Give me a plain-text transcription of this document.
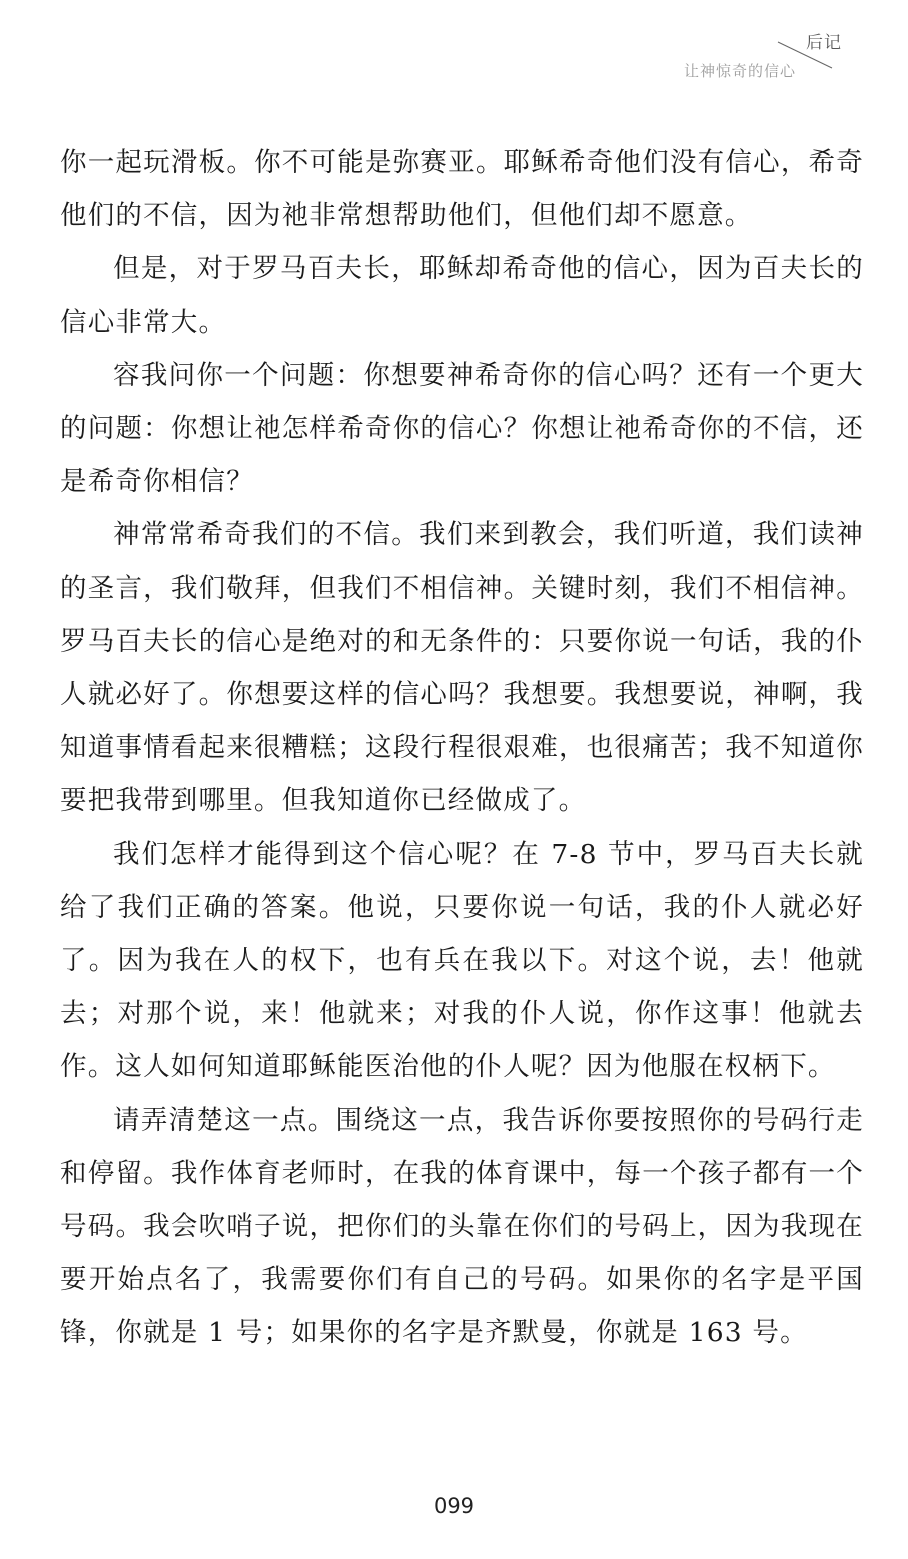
后记
让神惊奇的信心

你一起玩滑板。你不可能是弥赛亚。耶稣希奇他们没有信心，希奇他们的不信，因为祂非常想帮助他们，但他们却不愿意。

但是，对于罗马百夫长，耶稣却希奇他的信心，因为百夫长的信心非常大。

容我问你一个问题：你想要神希奇你的信心吗？还有一个更大的问题：你想让祂怎样希奇你的信心？你想让祂希奇你的不信，还是希奇你相信？

神常常希奇我们的不信。我们来到教会，我们听道，我们读神的圣言，我们敬拜，但我们不相信神。关键时刻，我们不相信神。罗马百夫长的信心是绝对的和无条件的：只要你说一句话，我的仆人就必好了。你想要这样的信心吗？我想要。我想要说，神啊，我知道事情看起来很糟糕；这段行程很艰难，也很痛苦；我不知道你要把我带到哪里。但我知道你已经做成了。

我们怎样才能得到这个信心呢？在 7-8 节中，罗马百夫长就给了我们正确的答案。他说，只要你说一句话，我的仆人就必好了。因为我在人的权下，也有兵在我以下。对这个说，去！他就去；对那个说，来！他就来；对我的仆人说，你作这事！他就去作。这人如何知道耶稣能医治他的仆人呢？因为他服在权柄下。

请弄清楚这一点。围绕这一点，我告诉你要按照你的号码行走和停留。我作体育老师时，在我的体育课中，每一个孩子都有一个号码。我会吹哨子说，把你们的头靠在你们的号码上，因为我现在要开始点名了，我需要你们有自己的号码。如果你的名字是平国锋，你就是 1 号；如果你的名字是齐默曼，你就是 163 号。

099
